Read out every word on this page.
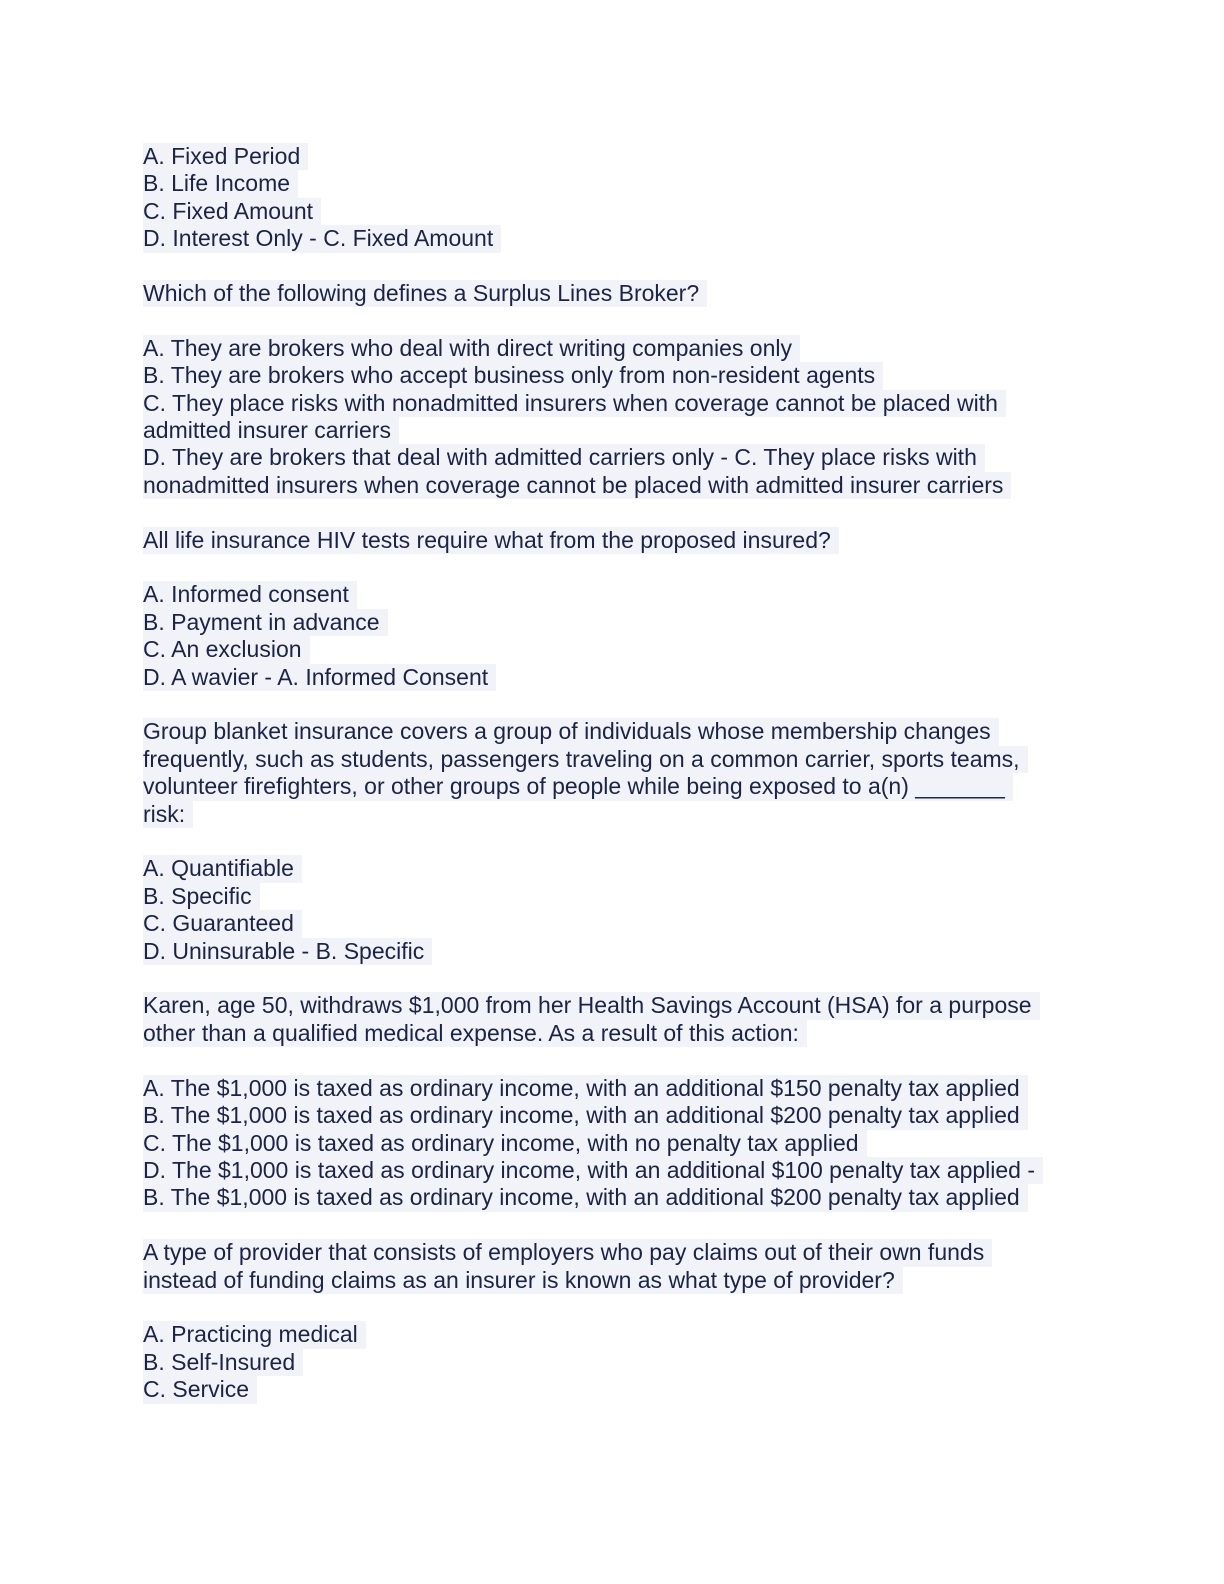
A. Fixed Period
B. Life Income
C. Fixed Amount
D. Interest Only - C. Fixed Amount
Which of the following defines a Surplus Lines Broker?
A. They are brokers who deal with direct writing companies only
B. They are brokers who accept business only from non-resident agents
C. They place risks with nonadmitted insurers when coverage cannot be placed with
admitted insurer carriers
D. They are brokers that deal with admitted carriers only - C. They place risks with
nonadmitted insurers when coverage cannot be placed with admitted insurer carriers
All life insurance HIV tests require what from the proposed insured?
A. Informed consent
B. Payment in advance
C. An exclusion
D. A wavier - A. Informed Consent
Group blanket insurance covers a group of individuals whose membership changes
frequently, such as students, passengers traveling on a common carrier, sports teams,
volunteer firefighters, or other groups of people while being exposed to a(n) _______
risk:
A. Quantifiable
B. Specific
C. Guaranteed
D. Uninsurable - B. Specific
Karen, age 50, withdraws $1,000 from her Health Savings Account (HSA) for a purpose
other than a qualified medical expense. As a result of this action:
A. The $1,000 is taxed as ordinary income, with an additional $150 penalty tax applied
B. The $1,000 is taxed as ordinary income, with an additional $200 penalty tax applied
C. The $1,000 is taxed as ordinary income, with no penalty tax applied
D. The $1,000 is taxed as ordinary income, with an additional $100 penalty tax applied -
B. The $1,000 is taxed as ordinary income, with an additional $200 penalty tax applied
A type of provider that consists of employers who pay claims out of their own funds
instead of funding claims as an insurer is known as what type of provider?
A. Practicing medical
B. Self-Insured
C. Service
